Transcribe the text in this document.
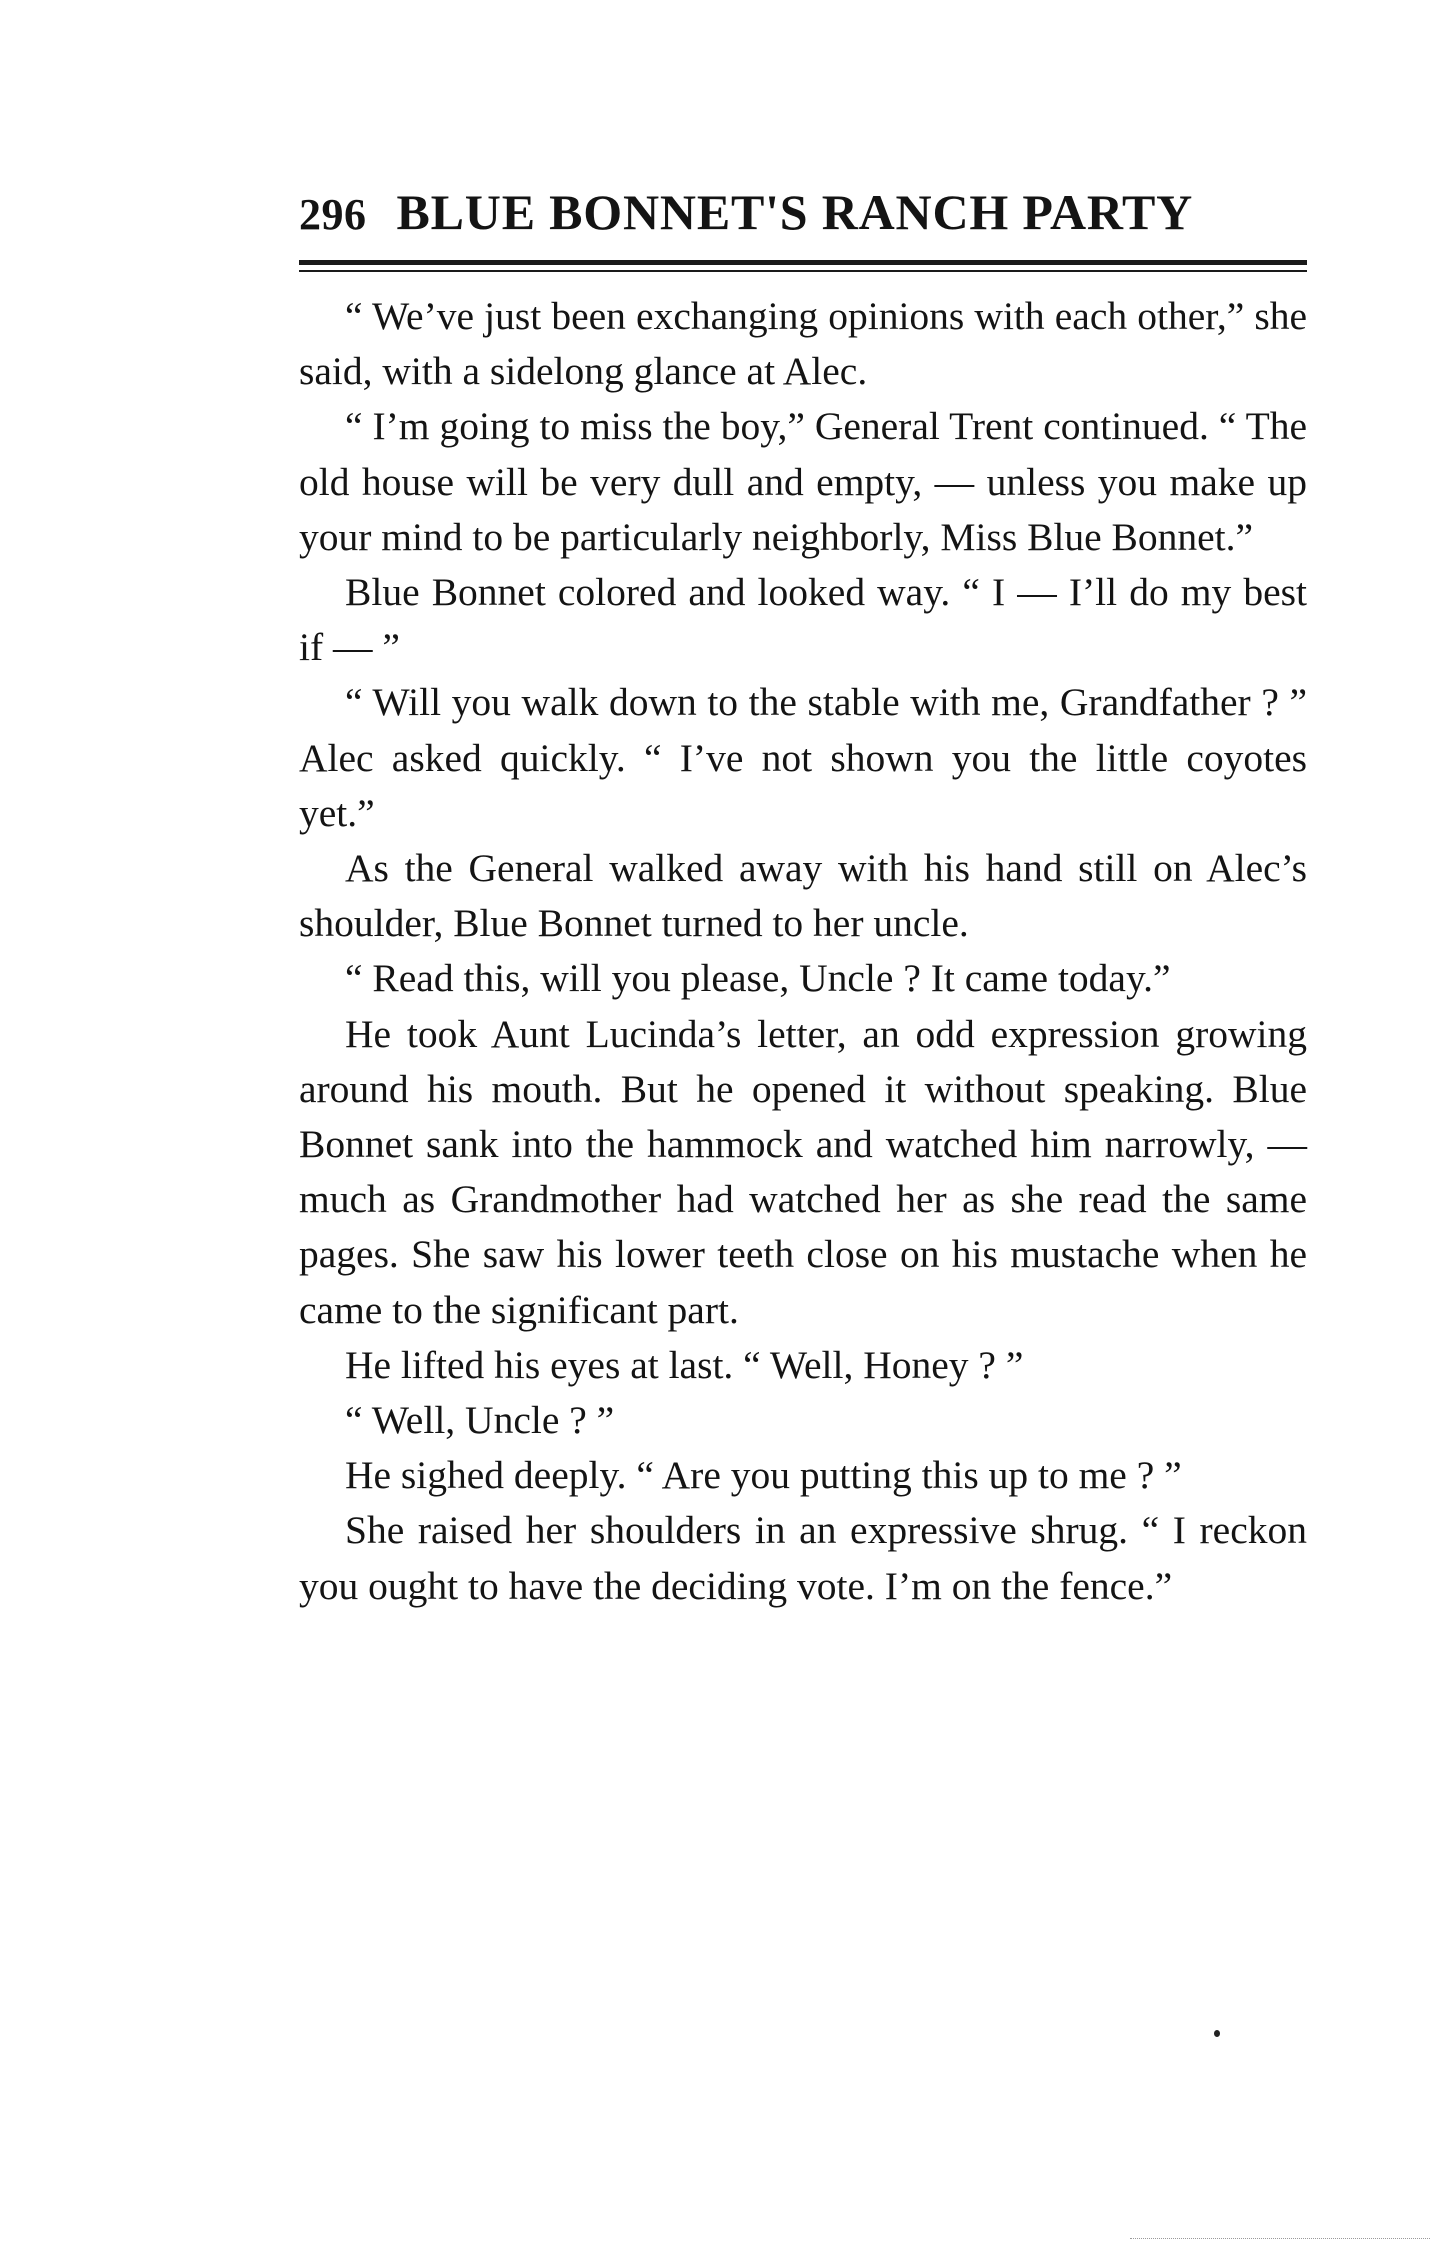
296 BLUE BONNET'S RANCH PARTY

“ We’ve just been exchanging opinions with each other,” she said, with a sidelong glance at Alec.

“ I’m going to miss the boy,” General Trent continued. “ The old house will be very dull and empty, — unless you make up your mind to be particularly neighborly, Miss Blue Bonnet.”

Blue Bonnet colored and looked way. “ I — I’ll do my best if — ”

“ Will you walk down to the stable with me, Grandfather ? ” Alec asked quickly. “ I’ve not shown you the little coyotes yet.”

As the General walked away with his hand still on Alec’s shoulder, Blue Bonnet turned to her uncle.

“ Read this, will you please, Uncle ? It came today.”

He took Aunt Lucinda’s letter, an odd expression growing around his mouth. But he opened it without speaking. Blue Bonnet sank into the hammock and watched him narrowly, — much as Grandmother had watched her as she read the same pages. She saw his lower teeth close on his mustache when he came to the significant part.

He lifted his eyes at last. “ Well, Honey ? ”

“ Well, Uncle ? ”

He sighed deeply. “ Are you putting this up to me ? ”

She raised her shoulders in an expressive shrug. “ I reckon you ought to have the deciding vote. I’m on the fence.”
